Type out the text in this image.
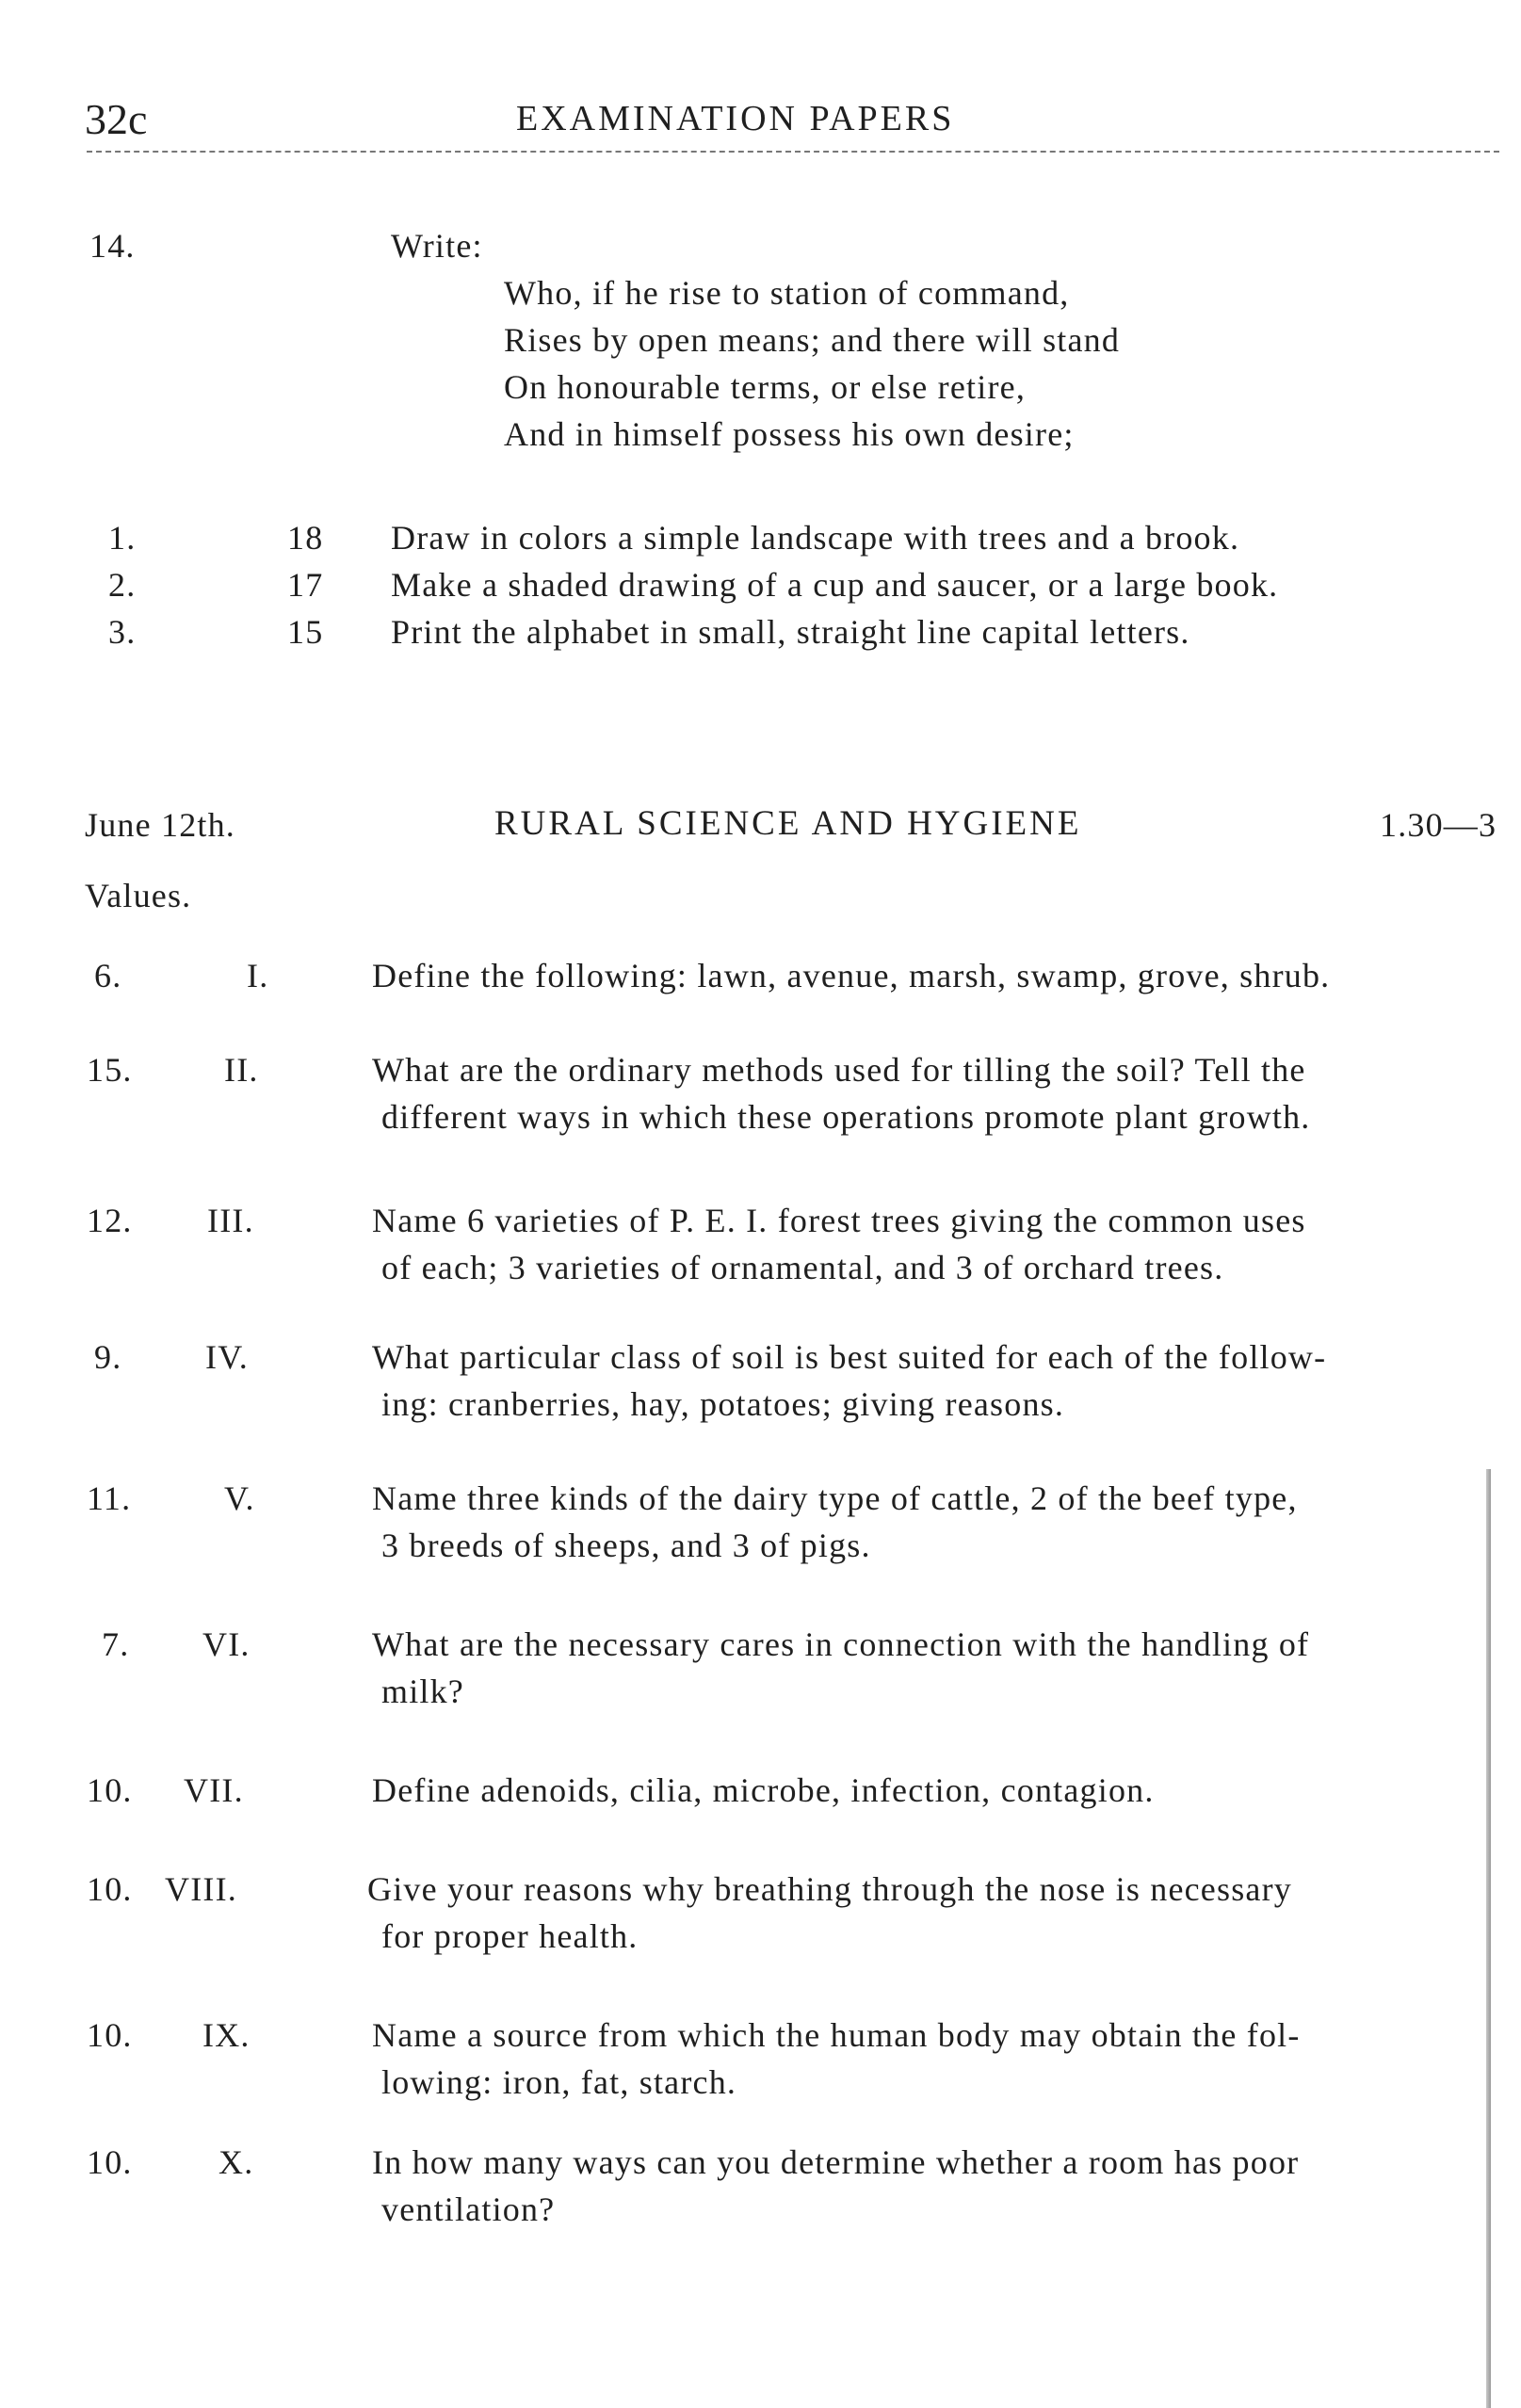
32c	EXAMINATION PAPERS
14.	Write:
Who, if he rise to station of command,
Rises by open means; and there will stand
On honourable terms, or else retire,
And in himself possess his own desire;
1.	18 Draw in colors a simple landscape with trees and a brook.
2.	17 Make a shaded drawing of a cup and saucer, or a large book.
3.	15 Print the alphabet in small, straight line capital letters.
June 12th.	RURAL SCIENCE AND HYGIENE	1.30—3
Values.
6.	I.	Define the following: lawn, avenue, marsh, swamp, grove, shrub.
15.	II.	What are the ordinary methods used for tilling the soil? Tell the
different ways in which these operations promote plant growth.
12. III.	Name 6 varieties of P. E. I. forest trees giving the common uses
of each; 3 varieties of ornamental, and 3 of orchard trees.
9. IV.	What particular class of soil is best suited for each of the follow-
ing: cranberries, hay, potatoes; giving reasons.
11.	V.	Name three kinds of the dairy type of cattle, 2 of the beef type,
3 breeds of sheeps, and 3 of pigs.
7. VI.	What are the necessary cares in connection with the handling of
milk?
10. VII.	Define adenoids, cilia, microbe, infection, contagion.
10. VIII.	Give your reasons why breathing through the nose is necessary
for proper health.
10. IX.	Name a source from which the human body may obtain the fol-
lowing: iron, fat, starch.
10.	X.	In how many ways can you determine whether a room has poor
ventilation?
